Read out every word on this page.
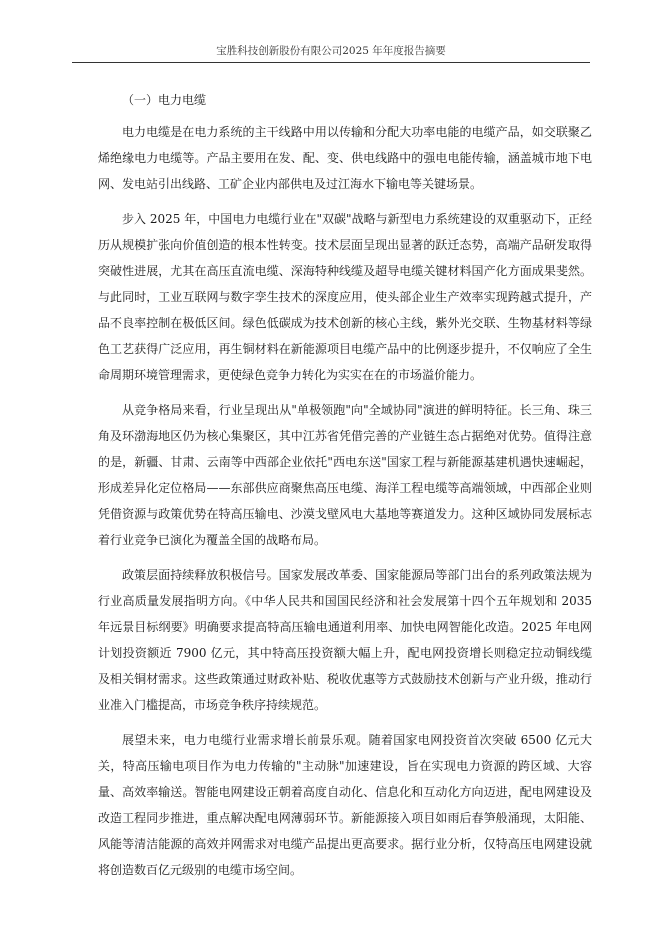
宝胜科技创新股份有限公司2025 年年度报告摘要
（一）电力电缆

电力电缆是在电力系统的主干线路中用以传输和分配大功率电能的电缆产品，如交联聚乙烯绝缘电力电缆等。产品主要用在发、配、变、供电线路中的强电电能传输，涵盖城市地下电网、发电站引出线路、工矿企业内部供电及过江海水下输电等关键场景。

步入 2025 年，中国电力电缆行业在"双碳"战略与新型电力系统建设的双重驱动下，正经历从规模扩张向价值创造的根本性转变。技术层面呈现出显著的跃迁态势，高端产品研发取得突破性进展，尤其在高压直流电缆、深海特种线缆及超导电缆关键材料国产化方面成果斐然。与此同时，工业互联网与数字孪生技术的深度应用，使头部企业生产效率实现跨越式提升，产品不良率控制在极低区间。绿色低碳成为技术创新的核心主线，紫外光交联、生物基材料等绿色工艺获得广泛应用，再生铜材料在新能源项目电缆产品中的比例逐步提升，不仅响应了全生命周期环境管理需求，更使绿色竞争力转化为实实在在的市场溢价能力。

从竞争格局来看，行业呈现出从"单极领跑"向"全域协同"演进的鲜明特征。长三角、珠三角及环渤海地区仍为核心集聚区，其中江苏省凭借完善的产业链生态占据绝对优势。值得注意的是，新疆、甘肃、云南等中西部企业依托"西电东送"国家工程与新能源基建机遇快速崛起，形成差异化定位格局——东部供应商聚焦高压电缆、海洋工程电缆等高端领域，中西部企业则凭借资源与政策优势在特高压输电、沙漠戈壁风电大基地等赛道发力。这种区域协同发展标志着行业竞争已演化为覆盖全国的战略布局。

政策层面持续释放积极信号。国家发展改革委、国家能源局等部门出台的系列政策法规为行业高质量发展指明方向。《中华人民共和国国民经济和社会发展第十四个五年规划和 2035 年远景目标纲要》明确要求提高特高压输电通道利用率、加快电网智能化改造。2025 年电网计划投资额近 7900 亿元，其中特高压投资额大幅上升，配电网投资增长则稳定拉动铜线缆及相关铜材需求。这些政策通过财政补贴、税收优惠等方式鼓励技术创新与产业升级，推动行业准入门槛提高，市场竞争秩序持续规范。

展望未来，电力电缆行业需求增长前景乐观。随着国家电网投资首次突破 6500 亿元大关，特高压输电项目作为电力传输的"主动脉"加速建设，旨在实现电力资源的跨区域、大容量、高效率输送。智能电网建设正朝着高度自动化、信息化和互动化方向迈进，配电网建设及改造工程同步推进，重点解决配电网薄弱环节。新能源接入项目如雨后春笋般涌现，太阳能、风能等清洁能源的高效并网需求对电缆产品提出更高要求。据行业分析，仅特高压电网建设就将创造数百亿元级别的电缆市场空间。
